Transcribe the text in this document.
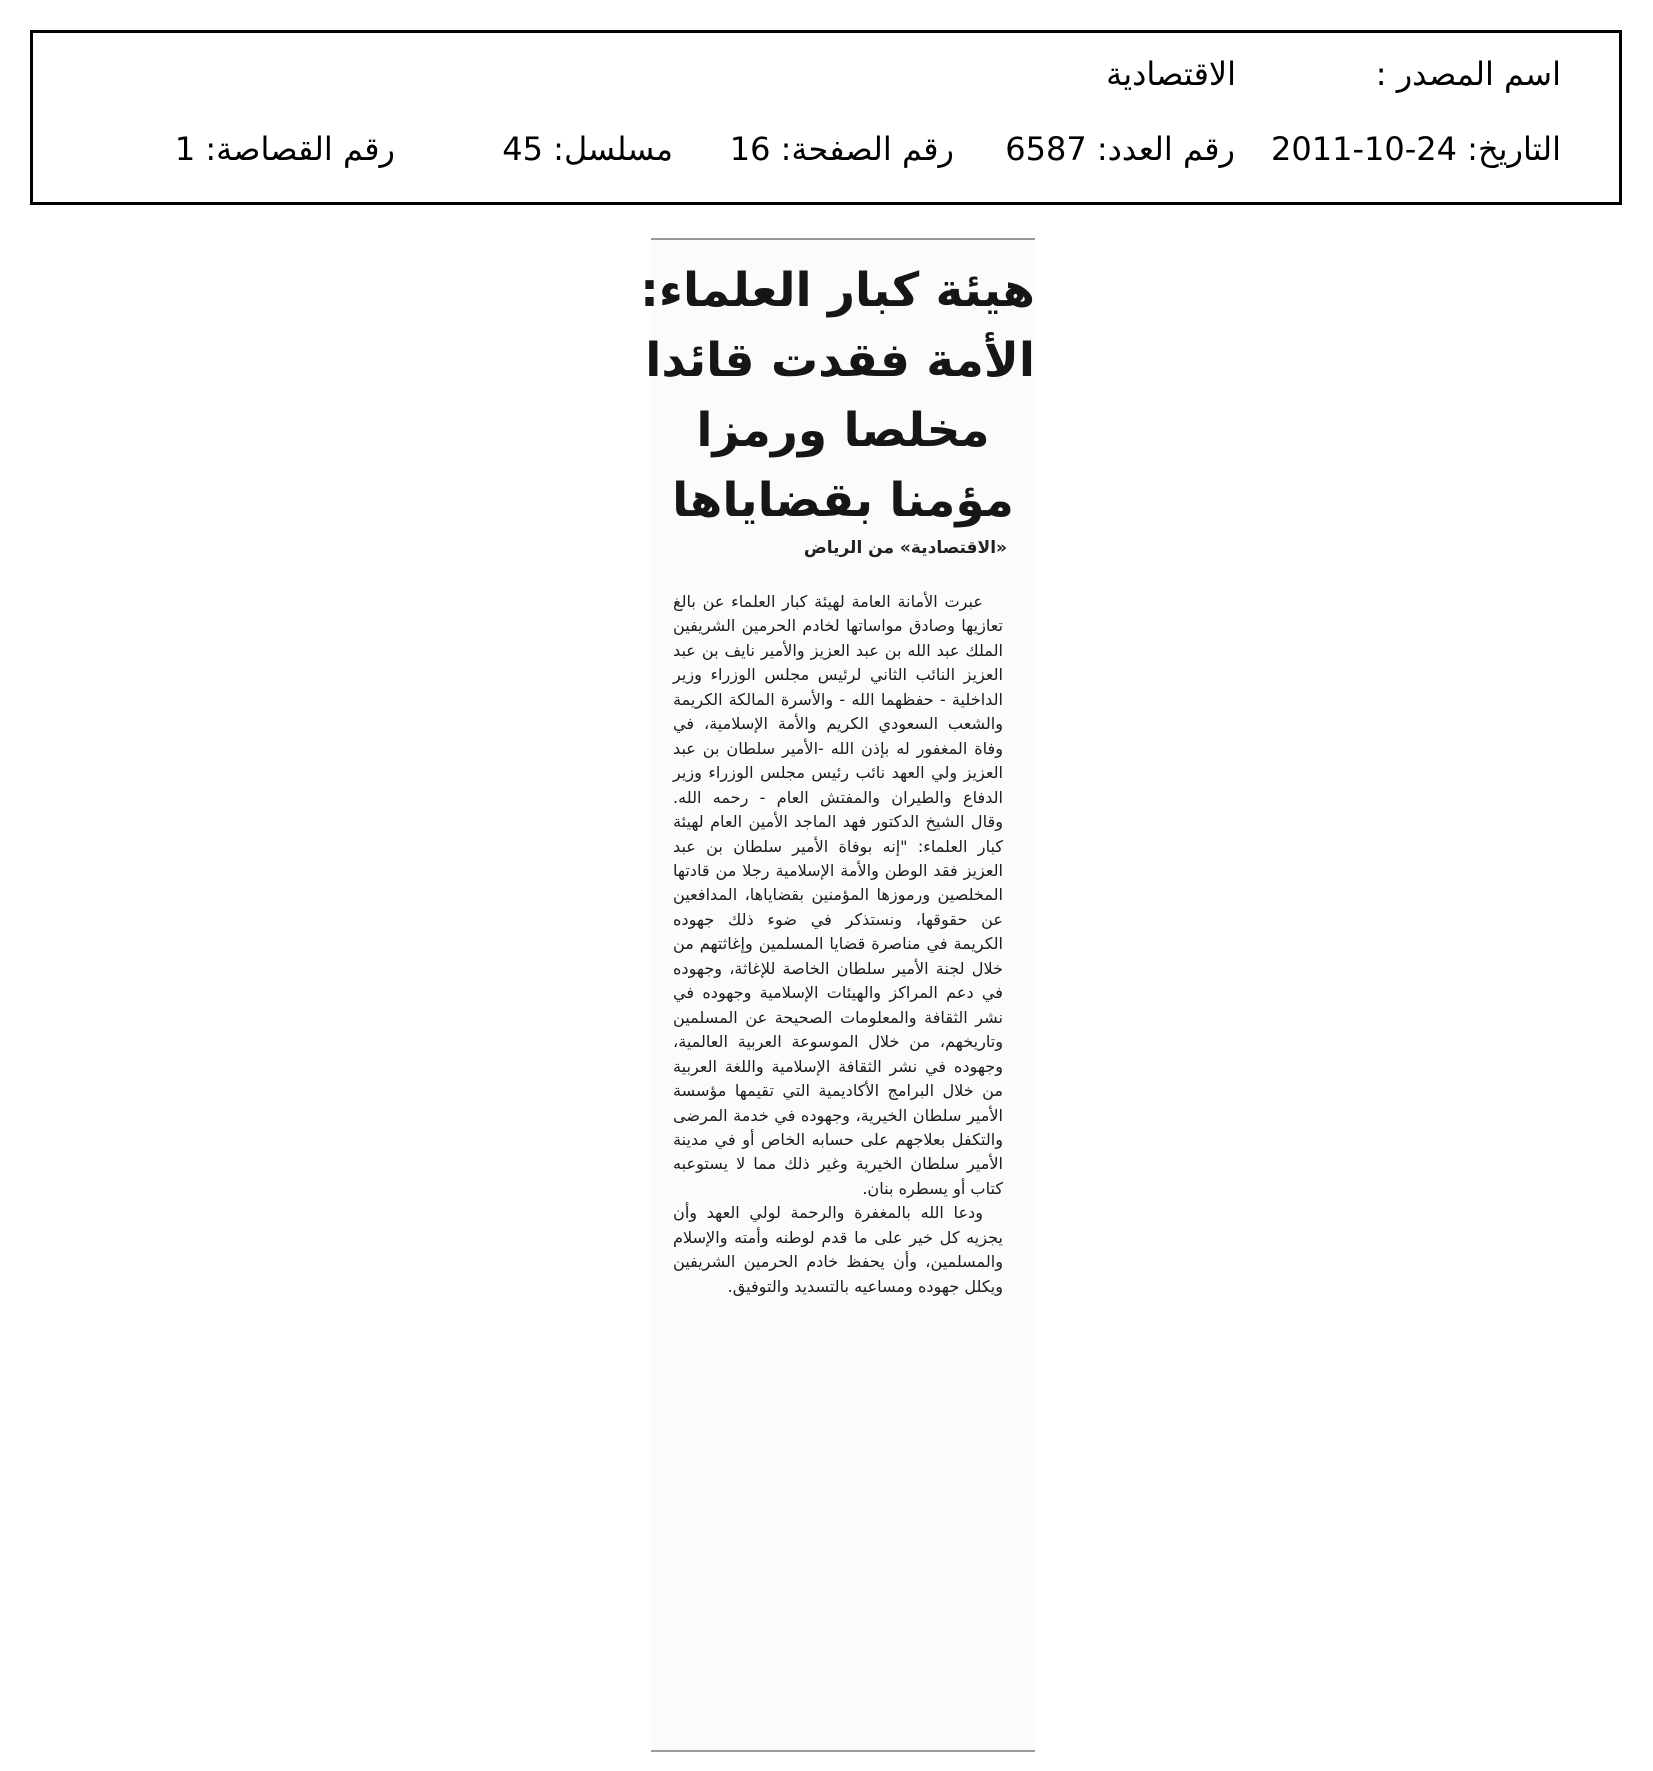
اسم المصدر :
الاقتصادية
التاريخ: 24-10-2011
رقم العدد: 6587
رقم الصفحة: 16
مسلسل: 45
رقم القصاصة: 1
هيئة كبار العلماء:
الأمة فقدت قائدا
مخلصا ورمزا
مؤمنا بقضاياها
«الاقتصادية» من الرياض

عبرت الأمانة العامة لهيئة كبار العلماء عن بالغ تعازيها وصادق مواساتها لخادم الحرمين الشريفين الملك عبد الله بن عبد العزيز والأمير نايف بن عبد العزيز النائب الثاني لرئيس مجلس الوزراء وزير الداخلية - حفظهما الله - والأسرة المالكة الكريمة والشعب السعودي الكريم والأمة الإسلامية، في وفاة المغفور له بإذن الله -الأمير سلطان بن عبد العزيز ولي العهد نائب رئيس مجلس الوزراء وزير الدفاع والطيران والمفتش العام - رحمه الله. وقال الشيخ الدكتور فهد الماجد الأمين العام لهيئة كبار العلماء: "إنه بوفاة الأمير سلطان بن عبد العزيز فقد الوطن والأمة الإسلامية رجلا من قادتها المخلصين ورموزها المؤمنين بقضاياها، المدافعين عن حقوقها، ونستذكر في ضوء ذلك جهوده الكريمة في مناصرة قضايا المسلمين وإغاثتهم من خلال لجنة الأمير سلطان الخاصة للإغاثة، وجهوده في دعم المراكز والهيئات الإسلامية وجهوده في نشر الثقافة والمعلومات الصحيحة عن المسلمين وتاريخهم، من خلال الموسوعة العربية العالمية، وجهوده في نشر الثقافة الإسلامية واللغة العربية من خلال البرامج الأكاديمية التي تقيمها مؤسسة الأمير سلطان الخيرية، وجهوده في خدمة المرضى والتكفل بعلاجهم على حسابه الخاص أو في مدينة الأمير سلطان الخيرية وغير ذلك مما لا يستوعبه كتاب أو يسطره بنان.

ودعا الله بالمغفرة والرحمة لولي العهد وأن يجزيه كل خير على ما قدم لوطنه وأمته والإسلام والمسلمين، وأن يحفظ خادم الحرمين الشريفين ويكلل جهوده ومساعيه بالتسديد والتوفيق.
